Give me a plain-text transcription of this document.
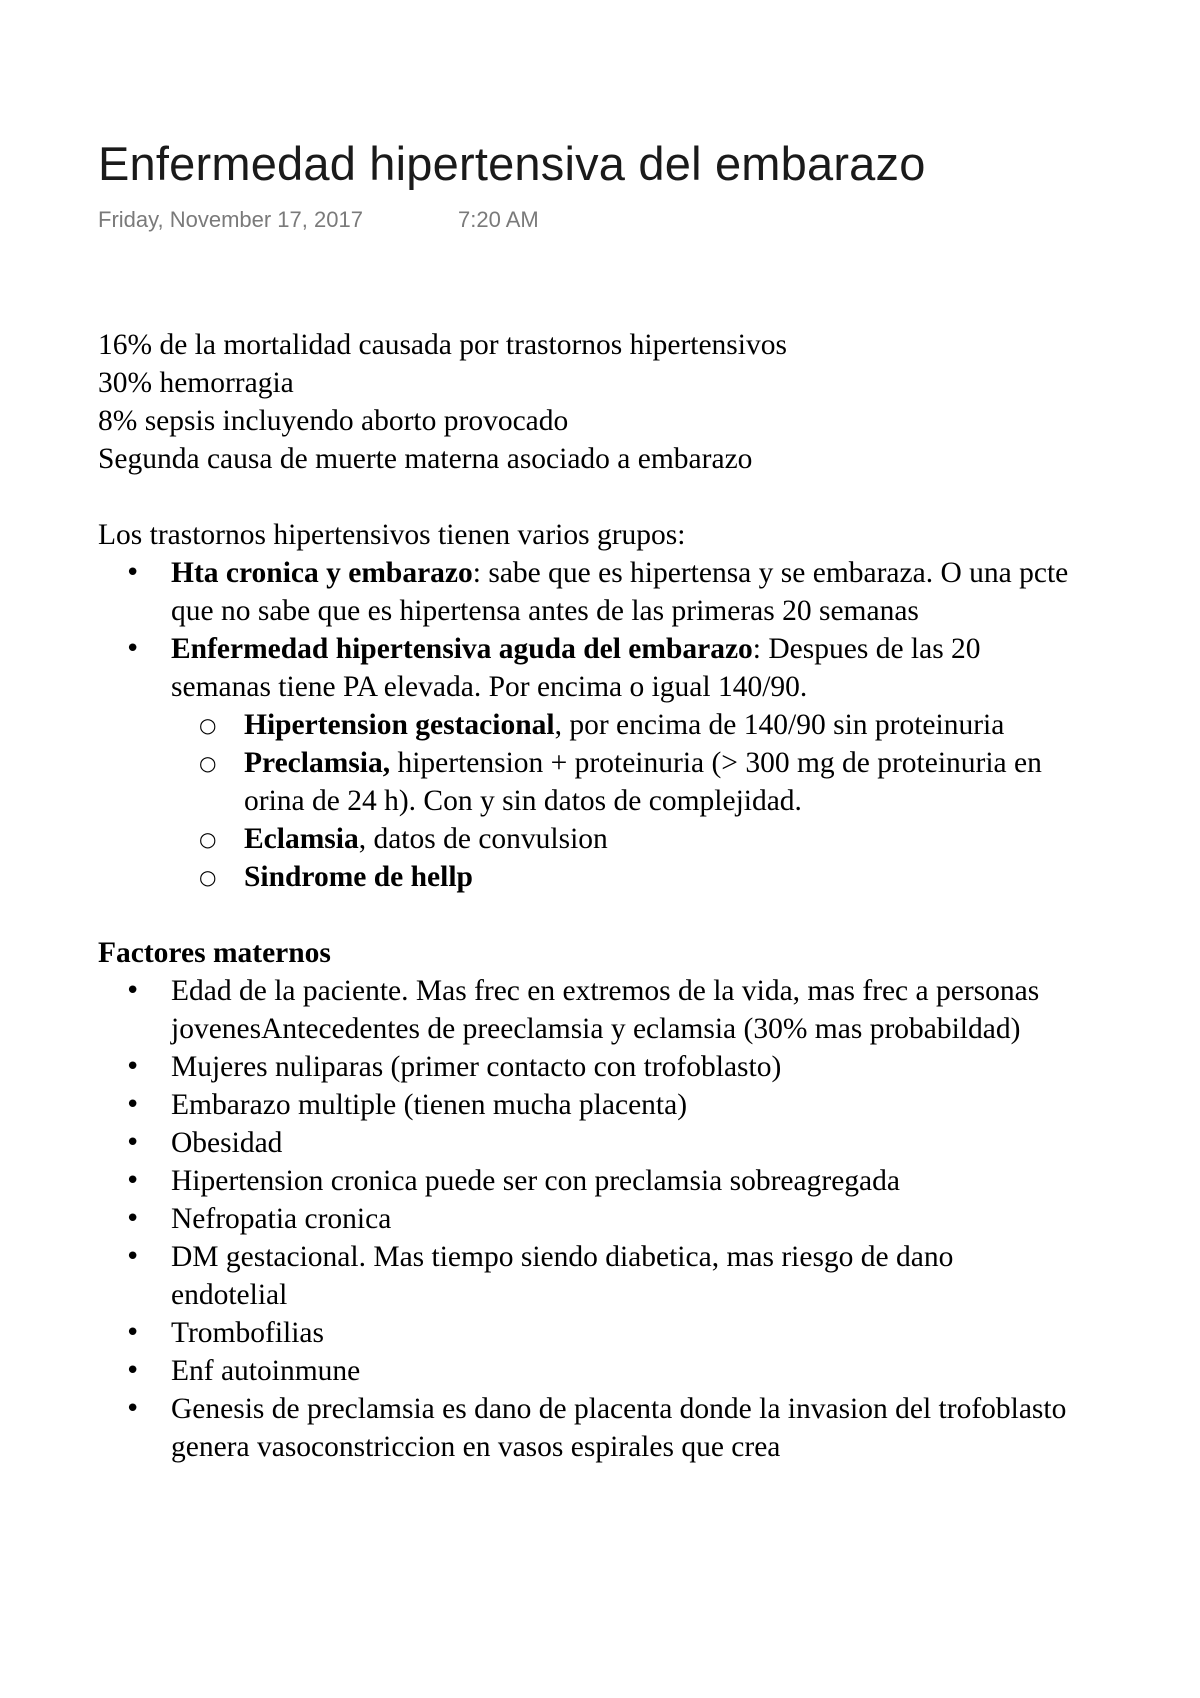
Enfermedad hipertensiva del embarazo
Friday, November 17, 2017	7:20 AM

16% de la mortalidad causada por trastornos hipertensivos

30% hemorragia

8% sepsis incluyendo aborto provocado

Segunda causa de muerte materna asociado a embarazo

Los trastornos hipertensivos tienen varios grupos:

• Hta cronica y embarazo: sabe que es hipertensa y se embaraza. O una pcte que no sabe que es hipertensa antes de las primeras 20 semanas
• Enfermedad hipertensiva aguda del embarazo: Despues de las 20 semanas tiene PA elevada. Por encima o igual 140/90.
○ Hipertension gestacional, por encima de 140/90 sin proteinuria
○ Preclamsia, hipertension + proteinuria (> 300 mg de proteinuria en orina de 24 h). Con y sin datos de complejidad.
○ Eclamsia, datos de convulsion
○ Sindrome de hellp
Factores maternos
• Edad de la paciente. Mas frec en extremos de la vida, mas frec a personas jovenesAntecedentes de preeclamsia y eclamsia (30% mas probabildad)
• Mujeres nuliparas (primer contacto con trofoblasto)
• Embarazo multiple (tienen mucha placenta)
• Obesidad
• Hipertension cronica puede ser con preclamsia sobreagregada
• Nefropatia cronica
• DM gestacional. Mas tiempo siendo diabetica, mas riesgo de dano endotelial
• Trombofilias
• Enf autoinmune
• Genesis de preclamsia es dano de placenta donde la invasion del trofoblasto genera vasoconstriccion en vasos espirales que crea
